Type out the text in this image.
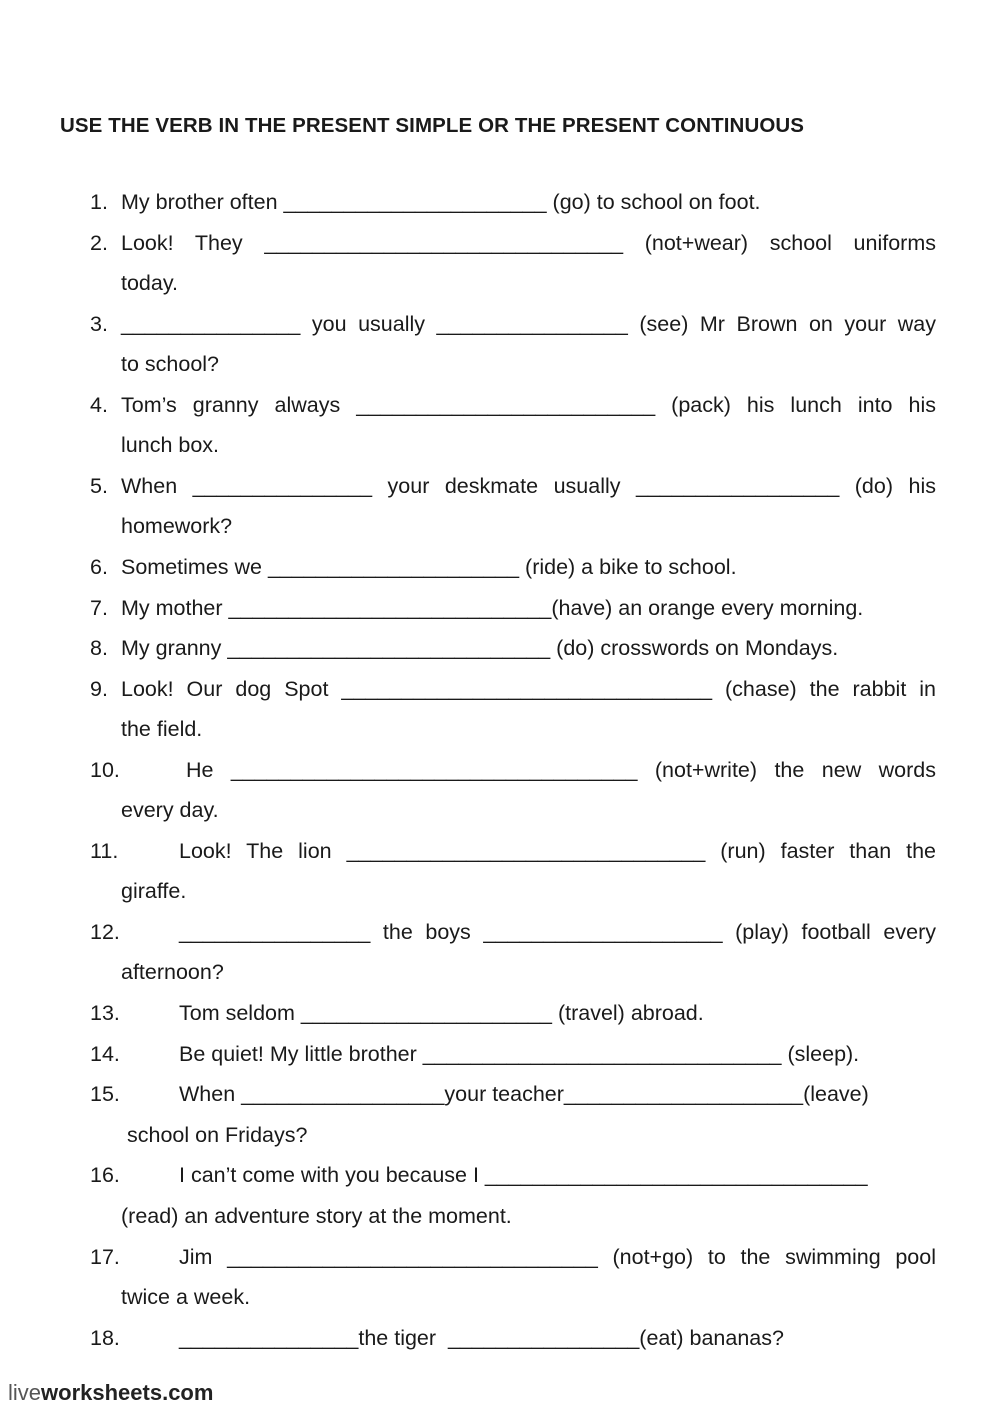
USE THE VERB IN THE PRESENT SIMPLE OR THE PRESENT CONTINUOUS
1. My brother often ______________________ (go) to school on foot.
2. Look!  They  ______________________________  (not+wear)  school  uniforms
today.
3. _______________ you usually ________________ (see) Mr Brown on your way
to school?
4. Tom’s granny always _________________________ (pack) his lunch into his
lunch box.
5. When _______________ your deskmate usually _________________ (do) his
homework?
6. Sometimes we _____________________ (ride) a bike to school.
7. My mother ___________________________(have) an orange every morning.
8. My granny ___________________________ (do) crosswords on Mondays.
9. Look! Our dog Spot _______________________________ (chase) the rabbit in
the field.
10.	He  __________________________________  (not+write)  the  new  words
every day.
11.	Look!  The  lion  ______________________________  (run)  faster  than  the
giraffe.
12.	________________ the boys ____________________ (play) football every
afternoon?
13.	Tom seldom _____________________ (travel) abroad.
14.	Be quiet! My little brother ______________________________ (sleep).
15.	When _________________your teacher____________________(leave)
school on Fridays?
16.	I can’t come with you because I ________________________________
(read) an adventure story at the moment.
17.	Jim _______________________________ (not+go) to the swimming pool
twice a week.
18.	_______________the tiger  ________________(eat) bananas?
liveworksheets.com
